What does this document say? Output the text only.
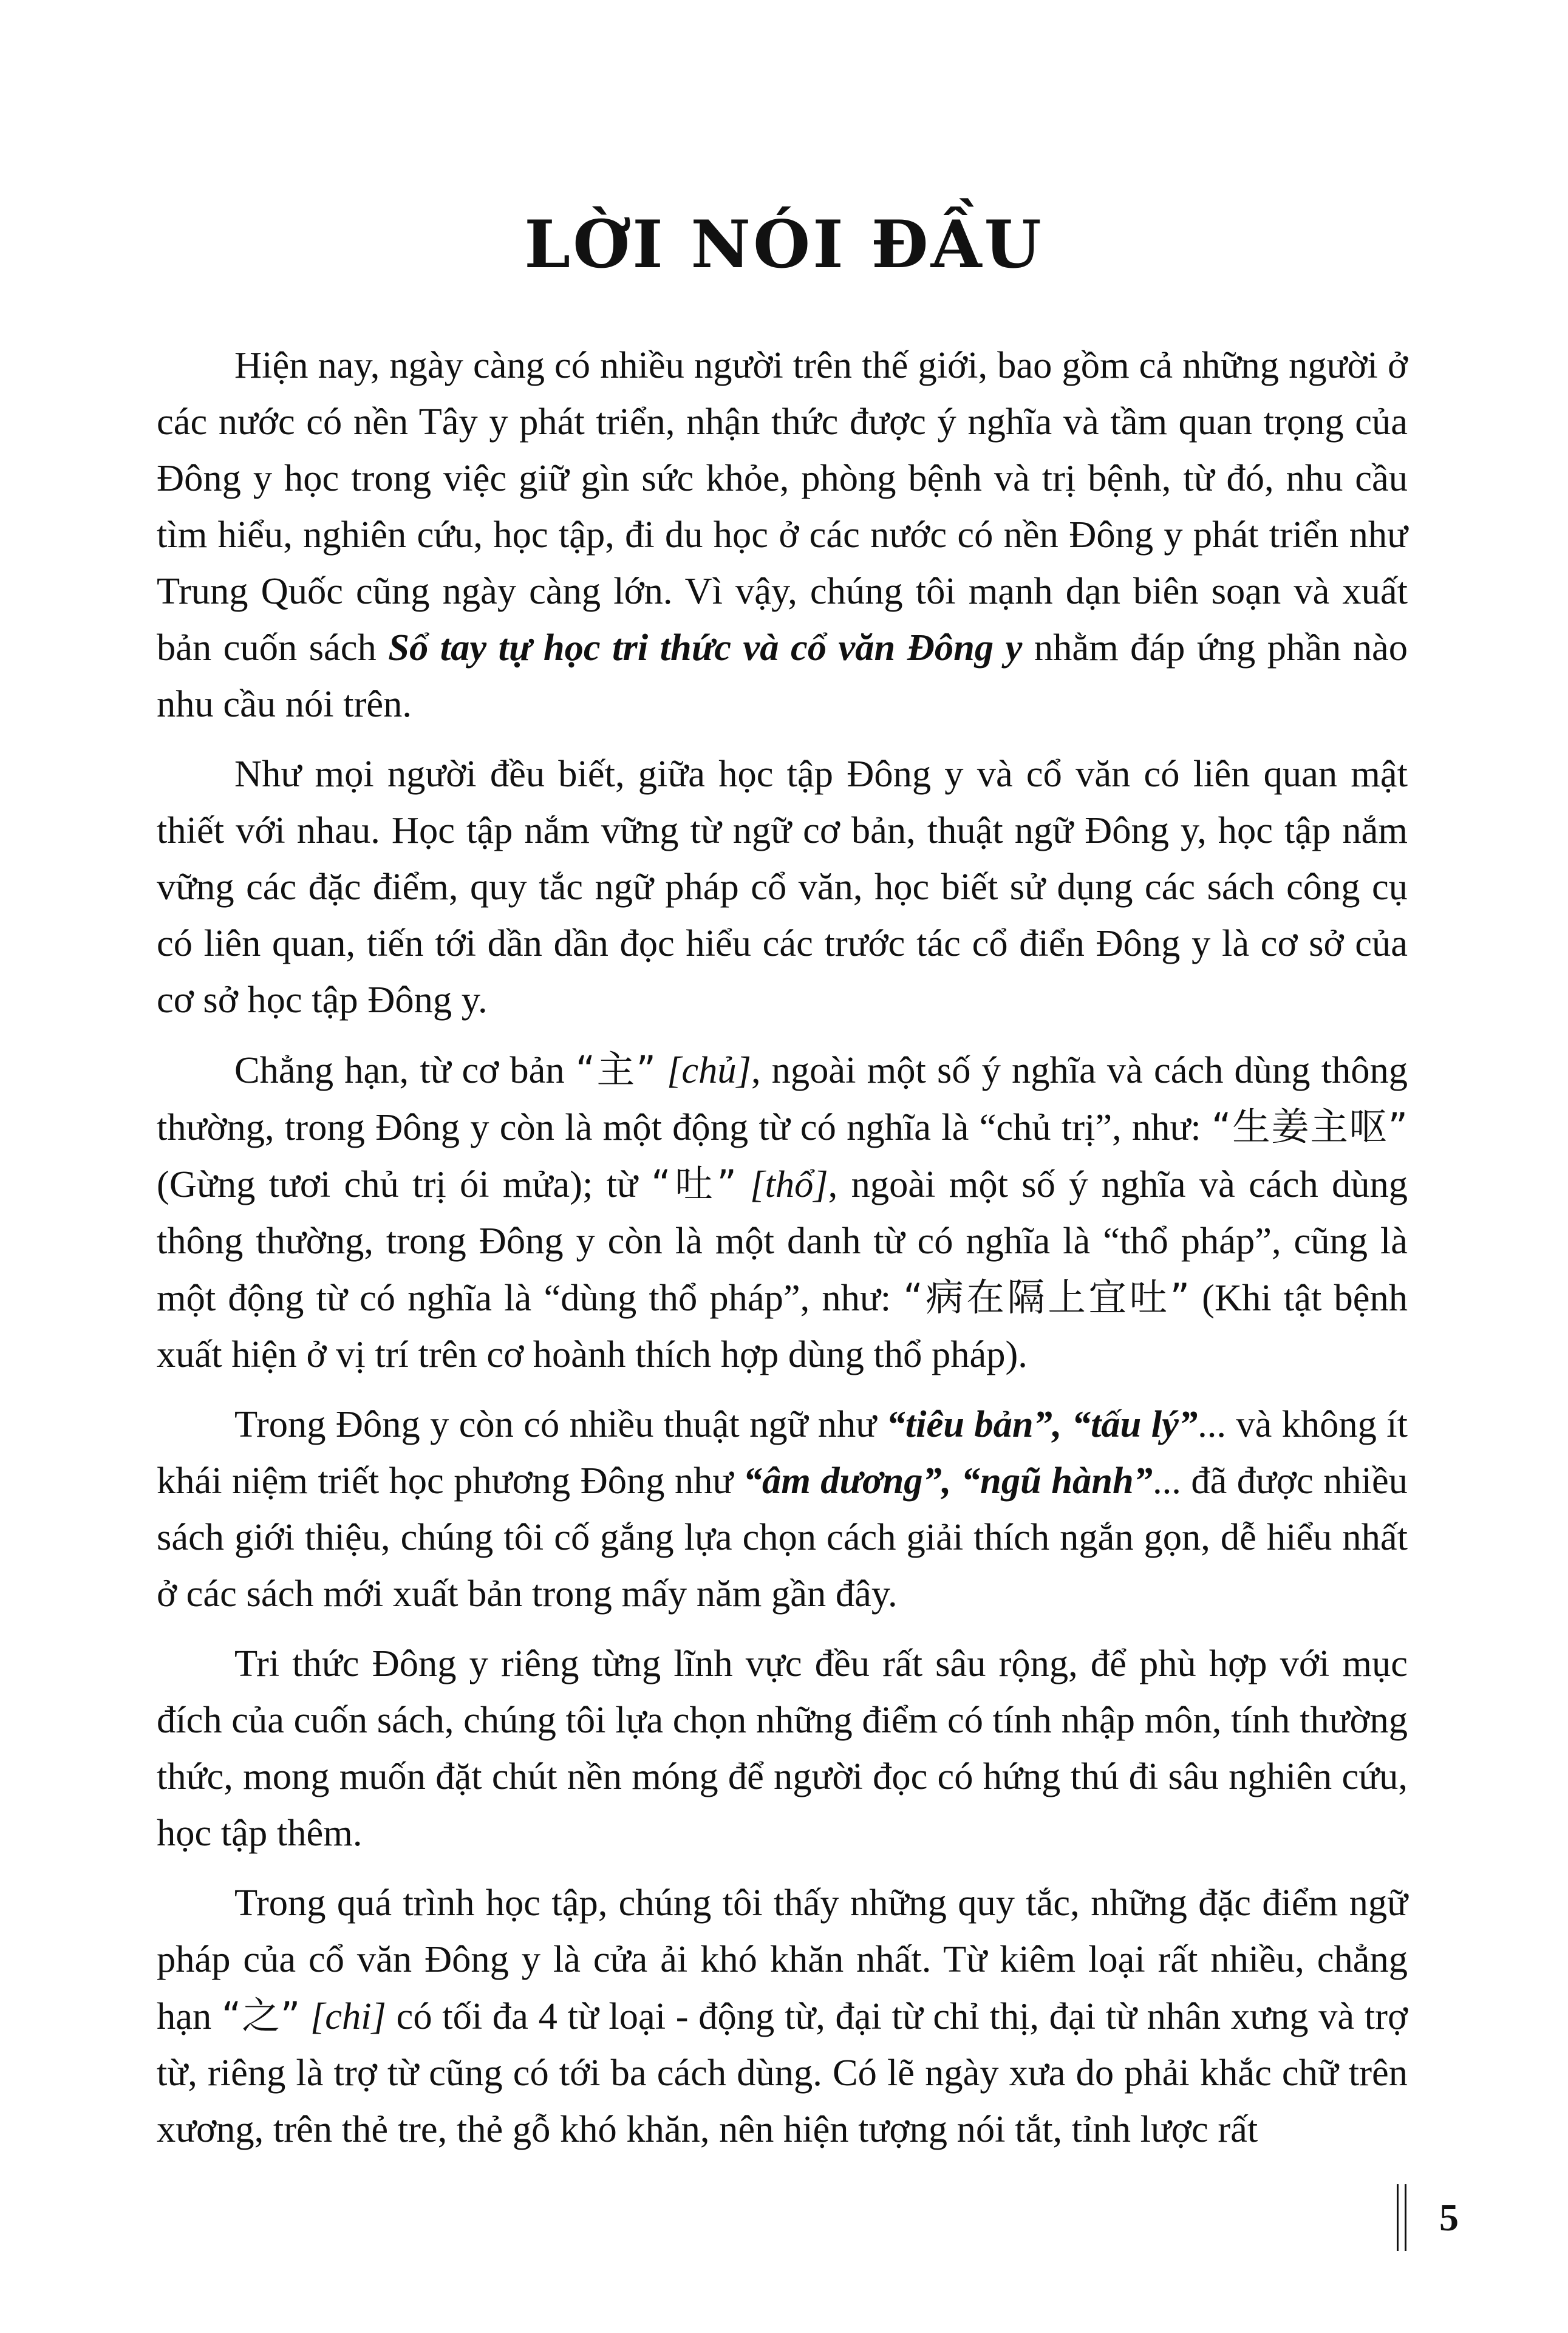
LỜI NÓI ĐẦU

Hiện nay, ngày càng có nhiều người trên thế giới, bao gồm cả những người ở các nước có nền Tây y phát triển, nhận thức được ý nghĩa và tầm quan trọng của Đông y học trong việc giữ gìn sức khỏe, phòng bệnh và trị bệnh, từ đó, nhu cầu tìm hiểu, nghiên cứu, học tập, đi du học ở các nước có nền Đông y phát triển như Trung Quốc cũng ngày càng lớn. Vì vậy, chúng tôi mạnh dạn biên soạn và xuất bản cuốn sách Sổ tay tự học tri thức và cổ văn Đông y nhằm đáp ứng phần nào nhu cầu nói trên.

Như mọi người đều biết, giữa học tập Đông y và cổ văn có liên quan mật thiết với nhau. Học tập nắm vững từ ngữ cơ bản, thuật ngữ Đông y, học tập nắm vững các đặc điểm, quy tắc ngữ pháp cổ văn, học biết sử dụng các sách công cụ có liên quan, tiến tới dần dần đọc hiểu các trước tác cổ điển Đông y là cơ sở của cơ sở học tập Đông y.

Chẳng hạn, từ cơ bản “主” [chủ], ngoài một số ý nghĩa và cách dùng thông thường, trong Đông y còn là một động từ có nghĩa là “chủ trị”, như: “生姜主呕” (Gừng tươi chủ trị ói mửa); từ “吐” [thổ], ngoài một số ý nghĩa và cách dùng thông thường, trong Đông y còn là một danh từ có nghĩa là “thổ pháp”, cũng là một động từ có nghĩa là “dùng thổ pháp”, như: “病在隔上宜吐” (Khi tật bệnh xuất hiện ở vị trí trên cơ hoành thích hợp dùng thổ pháp).

Trong Đông y còn có nhiều thuật ngữ như “tiêu bản”, “tấu lý”... và không ít khái niệm triết học phương Đông như “âm dương”, “ngũ hành”... đã được nhiều sách giới thiệu, chúng tôi cố gắng lựa chọn cách giải thích ngắn gọn, dễ hiểu nhất ở các sách mới xuất bản trong mấy năm gần đây.

Tri thức Đông y riêng từng lĩnh vực đều rất sâu rộng, để phù hợp với mục đích của cuốn sách, chúng tôi lựa chọn những điểm có tính nhập môn, tính thường thức, mong muốn đặt chút nền móng để người đọc có hứng thú đi sâu nghiên cứu, học tập thêm.

Trong quá trình học tập, chúng tôi thấy những quy tắc, những đặc điểm ngữ pháp của cổ văn Đông y là cửa ải khó khăn nhất. Từ kiêm loại rất nhiều, chẳng hạn “之” [chi] có tối đa 4 từ loại - động từ, đại từ chỉ thị, đại từ nhân xưng và trợ từ, riêng là trợ từ cũng có tới ba cách dùng. Có lẽ ngày xưa do phải khắc chữ trên xương, trên thẻ tre, thẻ gỗ khó khăn, nên hiện tượng nói tắt, tỉnh lược rất

5
